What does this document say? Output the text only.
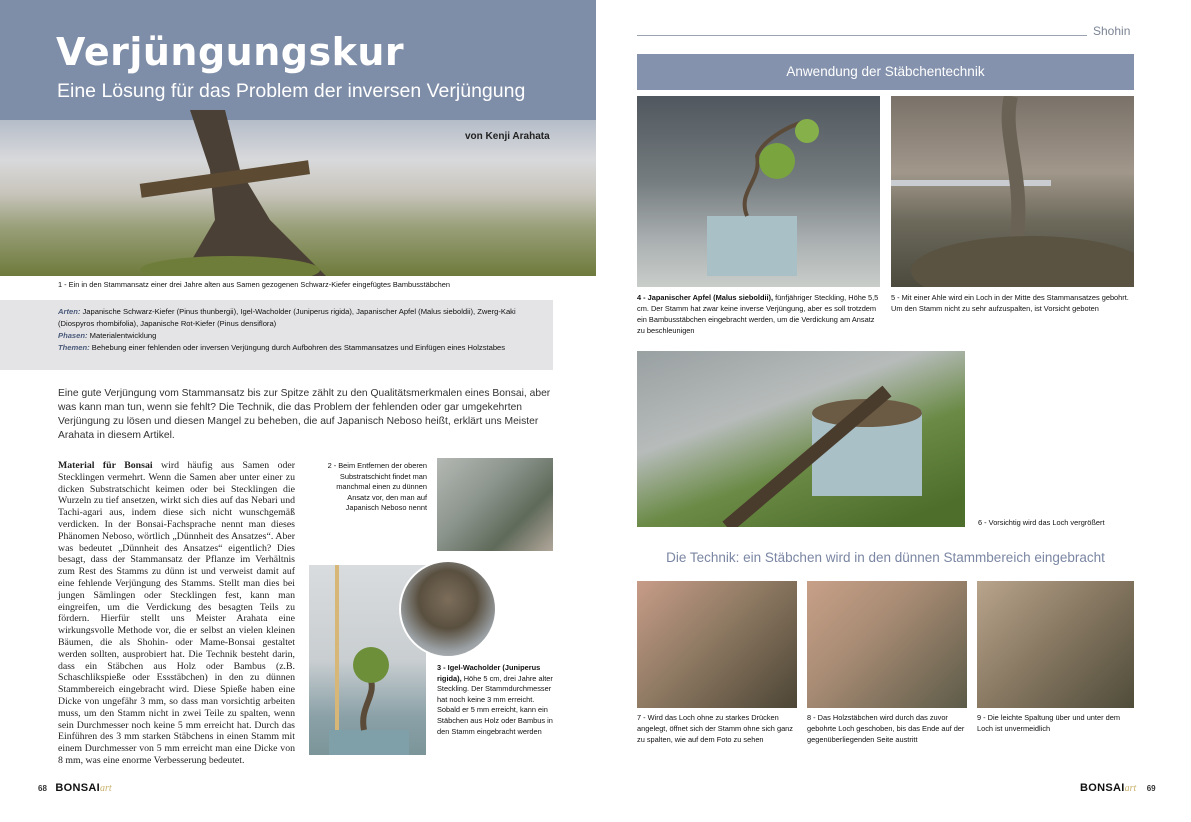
Verjüngungskur
Eine Lösung für das Problem der inversen Verjüngung
von Kenji Arahata
1 - Ein in den Stammansatz einer drei Jahre alten aus Samen gezogenen Schwarz-Kiefer eingefügtes Bambusstäbchen
Arten: Japanische Schwarz-Kiefer (Pinus thunbergii), Igel-Wacholder (Juniperus rigida), Japanischer Apfel (Malus sieboldii), Zwerg-Kaki (Diospyros rhombifolia), Japanische Rot-Kiefer (Pinus densiflora)
Phasen: Materialentwicklung
Themen: Behebung einer fehlenden oder inversen Verjüngung durch Aufbohren des Stammansatzes und Einfügen eines Holzstabes
Eine gute Verjüngung vom Stammansatz bis zur Spitze zählt zu den Qualitätsmerkmalen eines Bonsai, aber was kann man tun, wenn sie fehlt? Die Technik, die das Problem der fehlenden oder gar umgekehrten Verjüngung zu lösen und diesen Mangel zu beheben, die auf Japanisch Neboso heißt, erklärt uns Meister Arahata in diesem Artikel.
Material für Bonsai wird häufig aus Samen oder Stecklingen vermehrt. Wenn die Samen aber unter einer zu dicken Substratschicht keimen oder bei Stecklingen die Wurzeln zu tief ansetzen, wirkt sich dies auf das Nebari und Tachi-agari aus, indem diese sich nicht wunschgemäß verdicken. In der Bonsai-Fachsprache nennt man dieses Phänomen Neboso, wörtlich „Dünnheit des Ansatzes“. Aber was bedeutet „Dünnheit des Ansatzes“ eigentlich? Dies besagt, dass der Stammansatz der Pflanze im Verhältnis zum Rest des Stamms zu dünn ist und verweist damit auf eine fehlende Verjüngung des Stamms. Stellt man dies bei jungen Sämlingen oder Stecklingen fest, kann man eingreifen, um die Verdickung des besagten Teils zu fördern. Hierfür stellt uns Meister Arahata eine wirkungsvolle Methode vor, die er selbst an vielen kleinen Bäumen, die als Shohin- oder Mame-Bonsai gestaltet werden sollten, ausprobiert hat. Die Technik besteht darin, dass ein Stäbchen aus Holz oder Bambus (z.B. Schaschlikspieße oder Essstäbchen) in den zu dünnen Stammbereich eingebracht wird. Diese Spieße haben eine Dicke von ungefähr 3 mm, so dass man vorsichtig arbeiten muss, um den Stamm nicht in zwei Teile zu spalten, wenn sein Durchmesser noch keine 5 mm erreicht hat. Durch das Einführen des 3 mm starken Stäbchens in einen Stamm mit einem Durchmesser von 5 mm erreicht man eine Dicke von 8 mm, was eine enorme Verbesserung bedeutet.
2 - Beim Entfernen der oberen Substratschicht findet man manchmal einen zu dünnen Ansatz vor, den man auf Japanisch Neboso nennt
3 - Igel-Wacholder (Juniperus rigida), Höhe 5 cm, drei Jahre alter Steckling. Der Stammdurchmesser hat noch keine 3 mm erreicht. Sobald er 5 mm erreicht, kann ein Stäbchen aus Holz oder Bambus in den Stamm eingebracht werden
68 BONSAIart
Shohin
Anwendung der Stäbchentechnik
4 - Japanischer Apfel (Malus sieboldii), fünfjähriger Steckling, Höhe 5,5 cm. Der Stamm hat zwar keine inverse Verjüngung, aber es soll trotzdem ein Bambusstäbchen eingebracht werden, um die Verdickung am Ansatz zu beschleunigen
5 - Mit einer Ahle wird ein Loch in der Mitte des Stammansatzes gebohrt. Um den Stamm nicht zu sehr aufzuspalten, ist Vorsicht geboten
6 - Vorsichtig wird das Loch vergrößert
Die Technik: ein Stäbchen wird in den dünnen Stammbereich eingebracht
7 - Wird das Loch ohne zu starkes Drücken angelegt, öffnet sich der Stamm ohne sich ganz zu spalten, wie auf dem Foto zu sehen
8 - Das Holzstäbchen wird durch das zuvor gebohrte Loch geschoben, bis das Ende auf der gegenüberliegenden Seite austritt
9 - Die leichte Spaltung über und unter dem Loch ist unvermeidlich
BONSAIart 69
